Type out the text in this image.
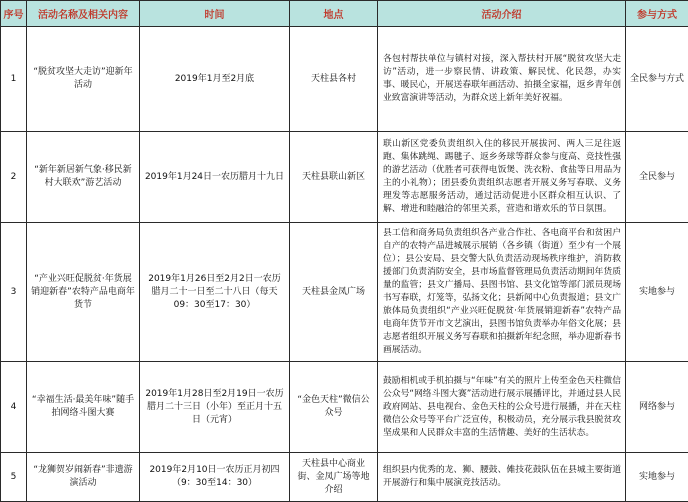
序号	活动名称及相关内容	时间	地点	活动介绍	参与方式
1	“脱贫攻坚大走访”迎新年活动	2019年1月至2月底	天柱县各村	各包村帮扶单位与镇村对接，深入帮扶村开展“脱贫攻坚大走访”活动，进一步察民情、讲政策、解民忧、化民怨，办实事、暖民心，开展送春联年画活动、拍摄全家福，返乡青年创业致富演讲等活动，为群众送上新年美好祝福。	全民参与方式
2	“新年新居新气象·移民新村大联欢”游艺活动	2019年1月24日一农历腊月十九日	天柱县联山新区	联山新区党委负责组织入住的移民开展拔河、两人三足往返跑、集体跳绳、踢毽子、返乡务球等群众参与度高、竞技性强的游艺活动（优胜者可获得电饭煲、洗衣粉、食盐等日用品为主的小礼物）；团县委负责组织志愿者开展义务写春联、义务理发等志愿服务活动，通过活动促进小区群众相互认识、了解、增进和睦融洽的邻里关系，营造和谐欢乐的节日氛围。	全民参与
3	“产业兴旺促脱贫·年货展销迎新春”农特产品电商年货节	2019年1月26日至2月2日一农历腊月二十一日至二十八日（每天09：30至17：30）	天柱县金凤广场	县工信和商务局负责组织各产业合作社、各电商平台和贫困户自产的农特产品进城展示展销（各乡镇（街道）至少有一个展位）；县公安局、县交警大队负责活动现场秩序维护，消防救援部门负责消防安全，县市场监督管理局负责活动期间年货质量的监管；县文广播局、县图书馆、县文化馆等部门派员现场书写春联，灯笼等，弘扬文化；县新闻中心负责报道；县文广旅体局负责组织“产业兴旺促脱贫·年货展销迎新春”农特产品电商年货节开市文艺演出，县图书馆负责举办年俗文化展；县志愿者组织开展义务写春联和拍摄新年纪念照，举办迎新春书画展活动。	实地参与
4	“幸福生活·最美年味”随手拍网络斗图大赛	2019年1月28日至2月19日一农历腊月二十三日（小年）至正月十五日（元宵）	“金色天柱”微信公众号	鼓励相机或手机拍摄与“年味”有关的照片上传至金色天柱微信公众号“网络斗图大赛”活动进行展示展播评比，并通过县人民政府网站、县电视台、金色天柱的公众号进行展播，并在天柱微信公众号等平台广泛宣传，积极动员，充分展示我县脱贫攻坚成果和人民群众丰富的生活情趣、美好的生活状态。	网络参与
5	“龙狮贺岁闹新春”非遗游演活动	2019年2月10日一农历正月初四（9：30至14：30）	天柱县中心商业街、金凤广场等地介绍	组织县内优秀的龙、狮、腰鼓、傩技花鼓队伍在县城主要街道开展游行和集中展演竞技活动。	实地参与
